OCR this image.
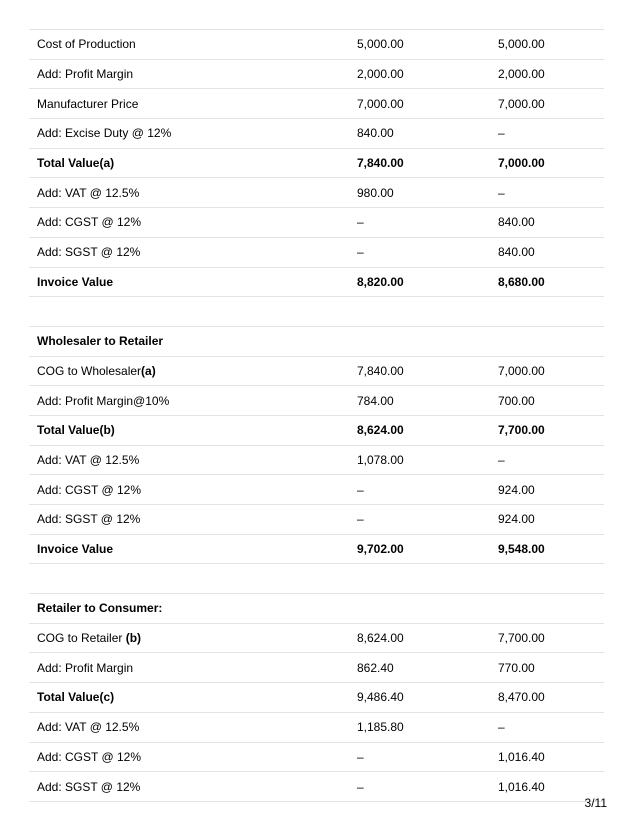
Cost of Production	5,000.00	5,000.00
Add: Profit Margin	2,000.00	2,000.00
Manufacturer Price	7,000.00	7,000.00
Add: Excise Duty @ 12%	840.00	–
Total Value(a)	7,840.00	7,000.00
Add: VAT @ 12.5%	980.00	–
Add: CGST @ 12%	–	840.00
Add: SGST @ 12%	–	840.00
Invoice Value	8,820.00	8,680.00

Wholesaler to Retailer		
COG to Wholesaler(a)	7,840.00	7,000.00
Add: Profit Margin@10%	784.00	700.00
Total Value(b)	8,624.00	7,700.00
Add: VAT @ 12.5%	1,078.00	–
Add: CGST @ 12%	–	924.00
Add: SGST @ 12%	–	924.00
Invoice Value	9,702.00	9,548.00

Retailer to Consumer:		
COG to Retailer (b)	8,624.00	7,700.00
Add: Profit Margin	862.40	770.00
Total Value(c)	9,486.40	8,470.00
Add: VAT @ 12.5%	1,185.80	–
Add: CGST @ 12%	–	1,016.40
Add: SGST @ 12%	–	1,016.40
3/11
